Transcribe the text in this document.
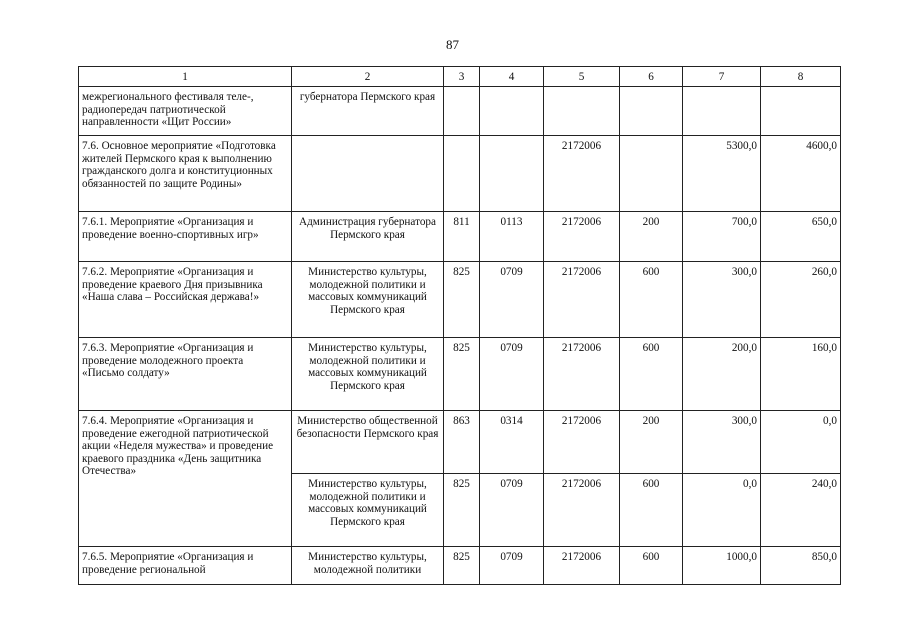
87
1	2	3	4	5	6	7	8
межрегионального фестиваля теле-, радиопередач патриотической направленности «Щит России»	губернатора Пермского края						
7.6. Основное мероприятие «Подготовка жителей Пермского края к выполнению гражданского долга и конституционных обязанностей по защите Родины»				2172006		5300,0	4600,0
7.6.1. Мероприятие «Организация и проведение военно-спортивных игр»	Администрация губернатора Пермского края	811	0113	2172006	200	700,0	650,0
7.6.2. Мероприятие «Организация и проведение краевого Дня призывника «Наша слава – Российская держава!»	Министерство культуры, молодежной политики и массовых коммуникаций Пермского края	825	0709	2172006	600	300,0	260,0
7.6.3. Мероприятие «Организация и проведение молодежного проекта «Письмо солдату»	Министерство культуры, молодежной политики и массовых коммуникаций Пермского края	825	0709	2172006	600	200,0	160,0
7.6.4. Мероприятие «Организация и проведение ежегодной патриотической акции «Неделя мужества» и проведение краевого праздника «День защитника Отечества»	Министерство общественной безопасности Пермского края	863	0314	2172006	200	300,0	0,0
	Министерство культуры, молодежной политики и массовых коммуникаций Пермского края	825	0709	2172006	600	0,0	240,0
7.6.5. Мероприятие «Организация и проведение региональной	Министерство культуры, молодежной политики	825	0709	2172006	600	1000,0	850,0
